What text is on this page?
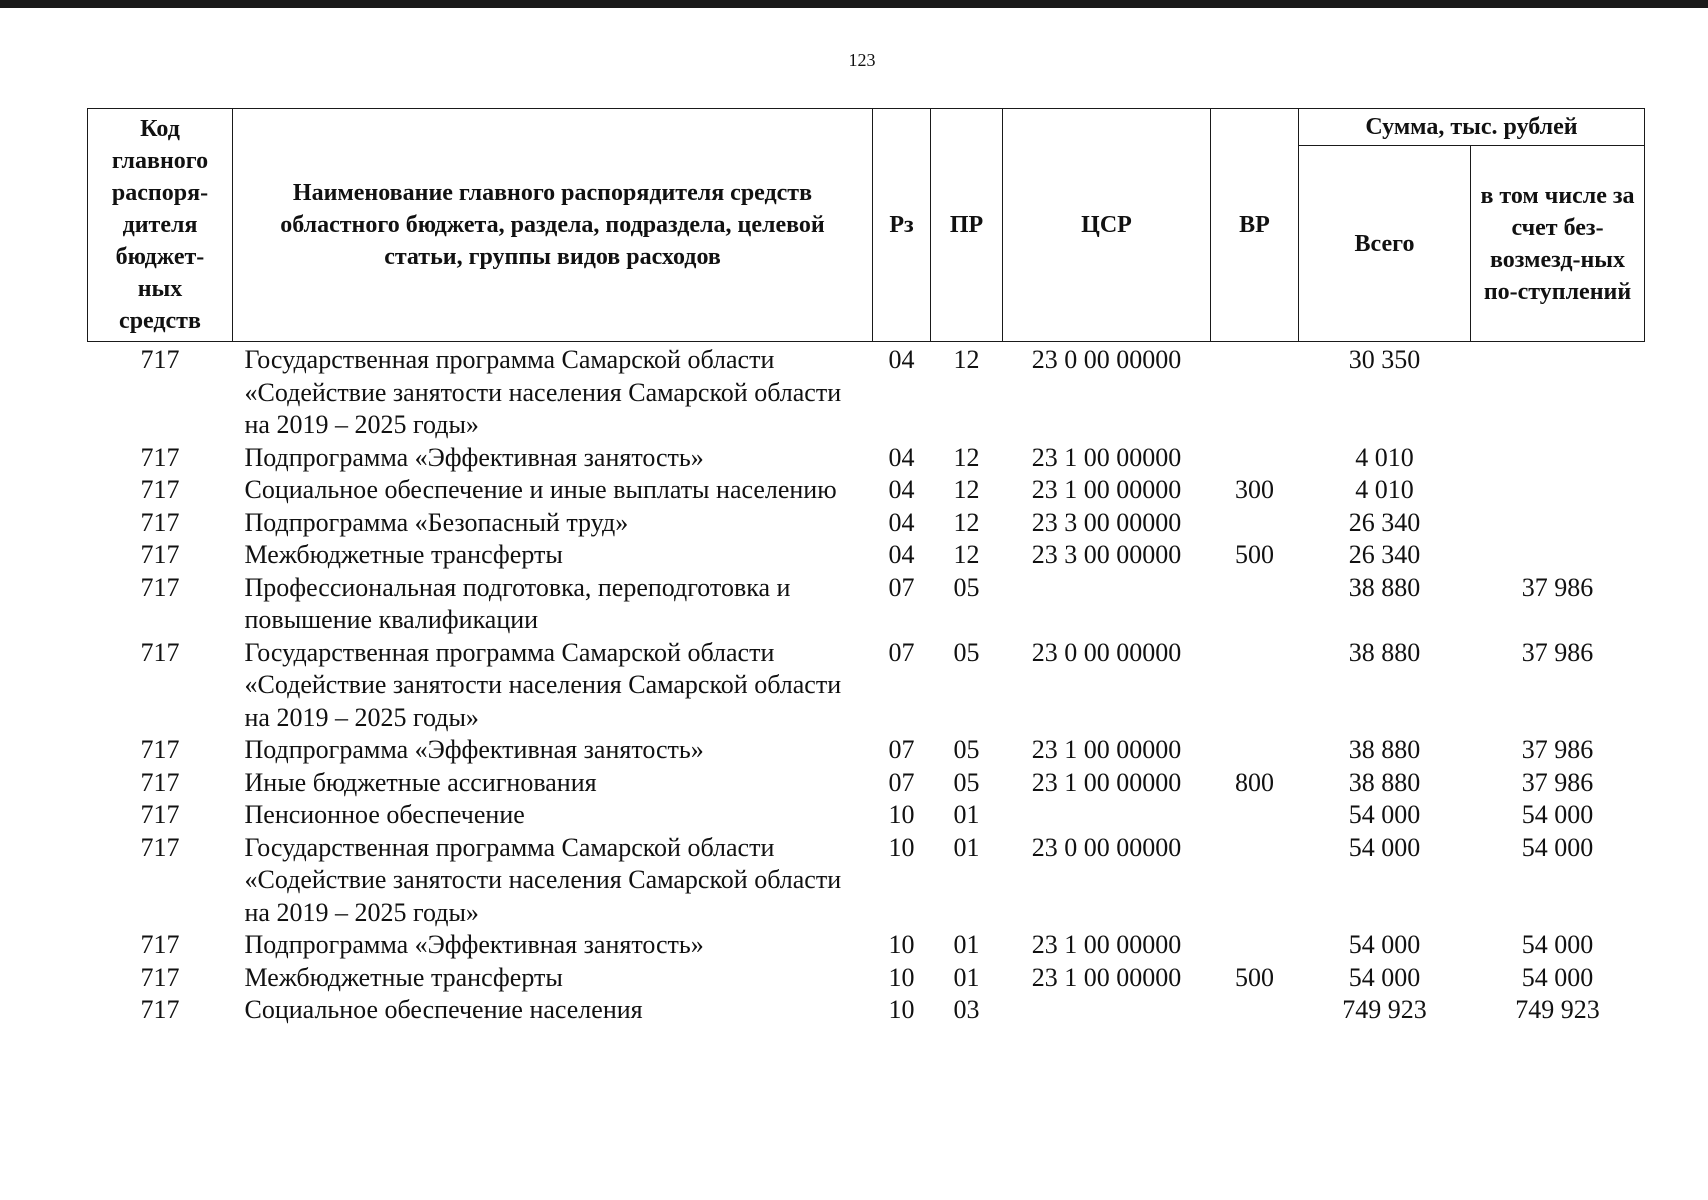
123
Код главного распоря-дителя бюджет-ных средств	Наименование главного распорядителя средств областного бюджета, раздела, подраздела, целевой статьи, группы видов расходов	Рз	ПР	ЦСР	ВР	Сумма, тыс. рублей	
						Всего	в том числе за счет без-возмезд-ных по-ступлений
717	Государственная программа Самарской области «Содействие занятости населения Самарской области на 2019 – 2025 годы»	04	12	23 0 00 00000		30 350	
717	Подпрограмма «Эффективная занятость»	04	12	23 1 00 00000		4 010	
717	Социальное обеспечение и иные выплаты населению	04	12	23 1 00 00000	300	4 010	
717	Подпрограмма «Безопасный труд»	04	12	23 3 00 00000		26 340	
717	Межбюджетные трансферты	04	12	23 3 00 00000	500	26 340	
717	Профессиональная подготовка, переподготовка и повышение квалификации	07	05			38 880	37 986
717	Государственная программа Самарской области «Содействие занятости населения Самарской области на 2019 – 2025 годы»	07	05	23 0 00 00000		38 880	37 986
717	Подпрограмма «Эффективная занятость»	07	05	23 1 00 00000		38 880	37 986
717	Иные бюджетные ассигнования	07	05	23 1 00 00000	800	38 880	37 986
717	Пенсионное обеспечение	10	01			54 000	54 000
717	Государственная программа Самарской области «Содействие занятости населения Самарской области на 2019 – 2025 годы»	10	01	23 0 00 00000		54 000	54 000
717	Подпрограмма «Эффективная занятость»	10	01	23 1 00 00000		54 000	54 000
717	Межбюджетные трансферты	10	01	23 1 00 00000	500	54 000	54 000
717	Социальное обеспечение населения	10	03			749 923	749 923
